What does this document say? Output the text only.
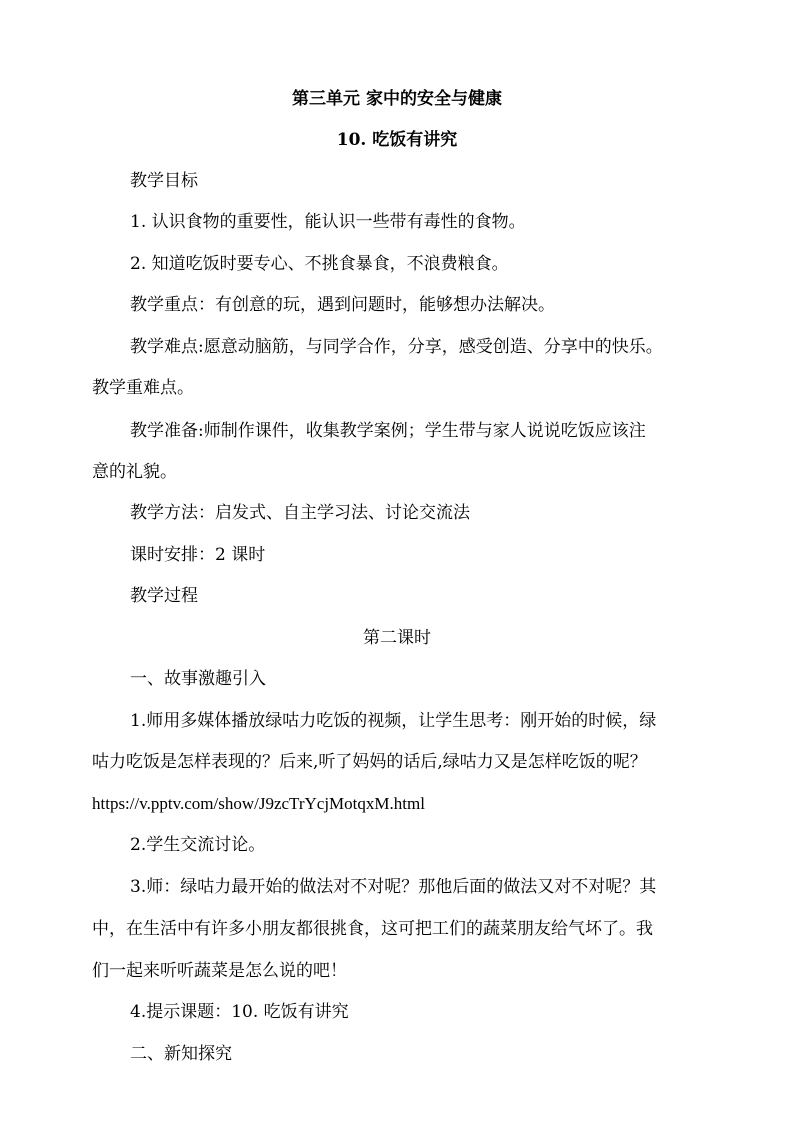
第三单元 家中的安全与健康
10. 吃饭有讲究
教学目标
1. 认识食物的重要性，能认识一些带有毒性的食物。
2. 知道吃饭时要专心、不挑食暴食，不浪费粮食。
教学重点：有创意的玩，遇到问题时，能够想办法解决。
教学难点:愿意动脑筋，与同学合作，分享，感受创造、分享中的快乐。
教学重难点。
教学准备:师制作课件，收集教学案例；学生带与家人说说吃饭应该注
意的礼貌。
教学方法：启发式、自主学习法、讨论交流法
课时安排：2 课时
教学过程
第二课时
一、故事激趣引入
1.师用多媒体播放绿咕力吃饭的视频，让学生思考：刚开始的时候，绿
咕力吃饭是怎样表现的？后来,听了妈妈的话后,绿咕力又是怎样吃饭的呢？
https://v.pptv.com/show/J9zcTrYcjMotqxM.html
2.学生交流讨论。
3.师：绿咕力最开始的做法对不对呢？那他后面的做法又对不对呢？其
中，在生活中有许多小朋友都很挑食，这可把工们的蔬菜朋友给气坏了。我
们一起来听听蔬菜是怎么说的吧！
4.提示课题：10. 吃饭有讲究
二、新知探究
